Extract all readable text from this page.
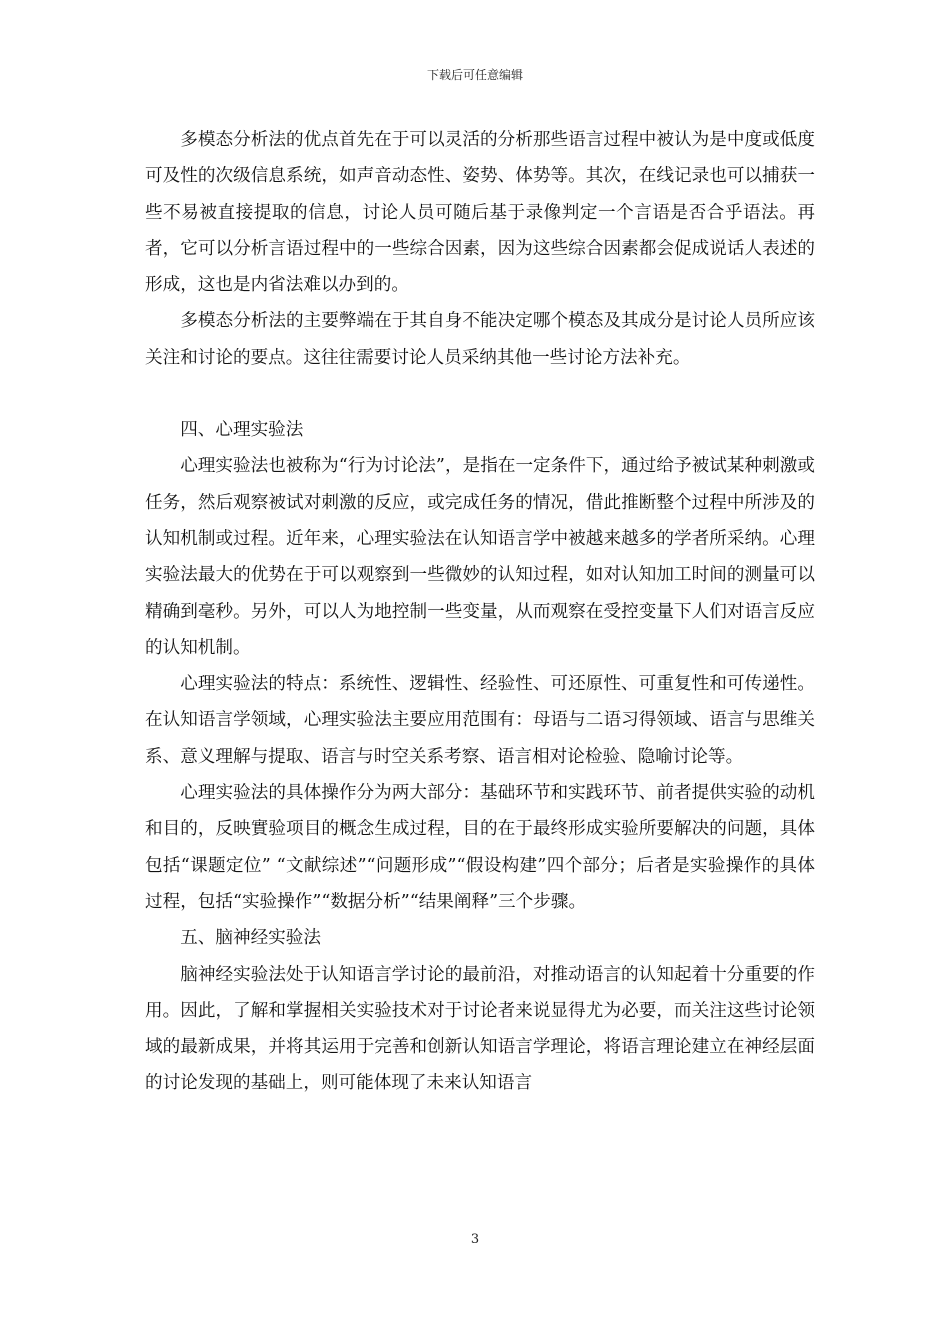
下载后可任意编辑

多模态分析法的优点首先在于可以灵活的分析那些语言过程中被认为是中度或低度可及性的次级信息系统，如声音动态性、姿势、体势等。其次，在线记录也可以捕获一些不易被直接提取的信息，讨论人员可随后基于录像判定一个言语是否合乎语法。再者，它可以分析言语过程中的一些综合因素，因为这些综合因素都会促成说话人表述的形成，这也是内省法难以办到的。

多模态分析法的主要弊端在于其自身不能决定哪个模态及其成分是讨论人员所应该关注和讨论的要点。这往往需要讨论人员采纳其他一些讨论方法补充。

四、心理实验法

心理实验法也被称为“行为讨论法”，是指在一定条件下，通过给予被试某种刺激或任务，然后观察被试对刺激的反应，或完成任务的情况，借此推断整个过程中所涉及的认知机制或过程。近年来，心理实验法在认知语言学中被越来越多的学者所采纳。心理实验法最大的优势在于可以观察到一些微妙的认知过程，如对认知加工时间的测量可以精确到毫秒。另外，可以人为地控制一些变量，从而观察在受控变量下人们对语言反应的认知机制。

心理实验法的特点：系统性、逻辑性、经验性、可还原性、可重复性和可传递性。在认知语言学领域，心理实验法主要应用范围有：母语与二语习得领域、语言与思维关系、意义理解与提取、语言与时空关系考察、语言相对论检验、隐喻讨论等。

心理实验法的具体操作分为两大部分：基础环节和实践环节、前者提供实验的动机和目的，反映實验项目的概念生成过程，目的在于最终形成实验所要解决的问题，具体包括“课题定位” “文献综述”“问题形成”“假设构建”四个部分；后者是实验操作的具体过程，包括“实验操作”“数据分析”“结果阐释”三个步骤。

五、脑神经实验法

脑神经实验法处于认知语言学讨论的最前沿，对推动语言的认知起着十分重要的作用。因此，了解和掌握相关实验技术对于讨论者来说显得尤为必要，而关注这些讨论领域的最新成果，并将其运用于完善和创新认知语言学理论，将语言理论建立在神经层面的讨论发现的基础上，则可能体现了未来认知语言

3
